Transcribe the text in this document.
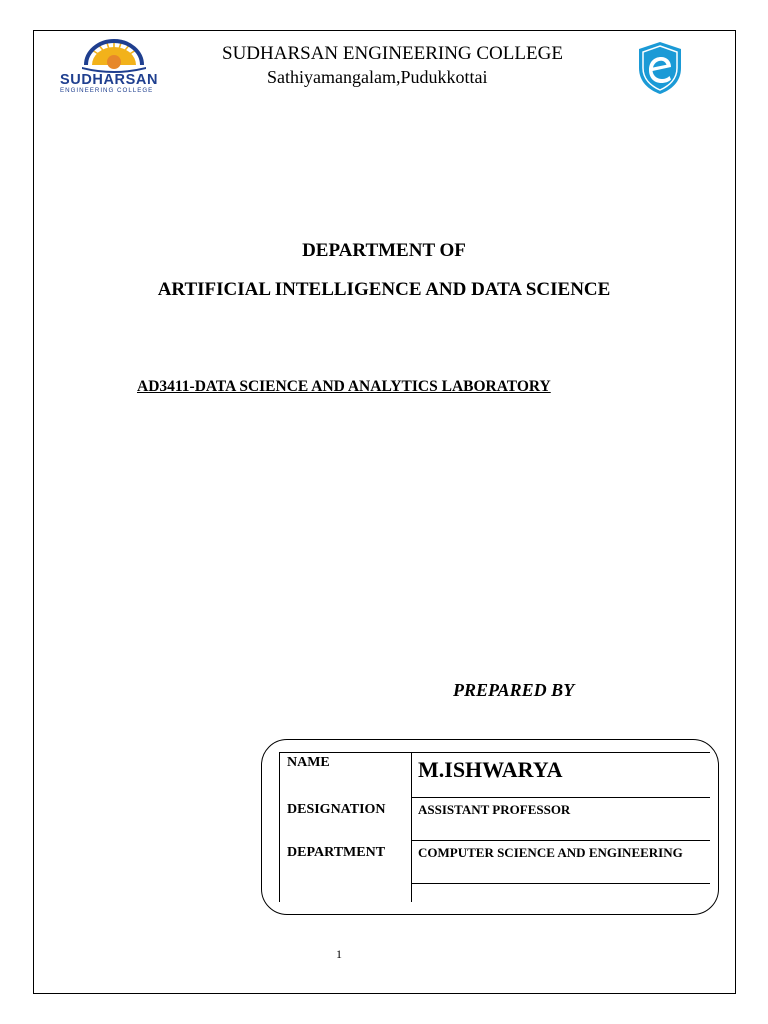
SUDHARSAN
ENGINEERING COLLEGE
SUDHARSAN ENGINEERING COLLEGE
Sathiyamangalam,Pudukkottai
DEPARTMENT OF
ARTIFICIAL INTELLIGENCE AND DATA SCIENCE
AD3411-DATA SCIENCE AND ANALYTICS LABORATORY
PREPARED BY
NAME	M.ISHWARYA
DESIGNATION	ASSISTANT PROFESSOR
DEPARTMENT	COMPUTER SCIENCE AND ENGINEERING

1
